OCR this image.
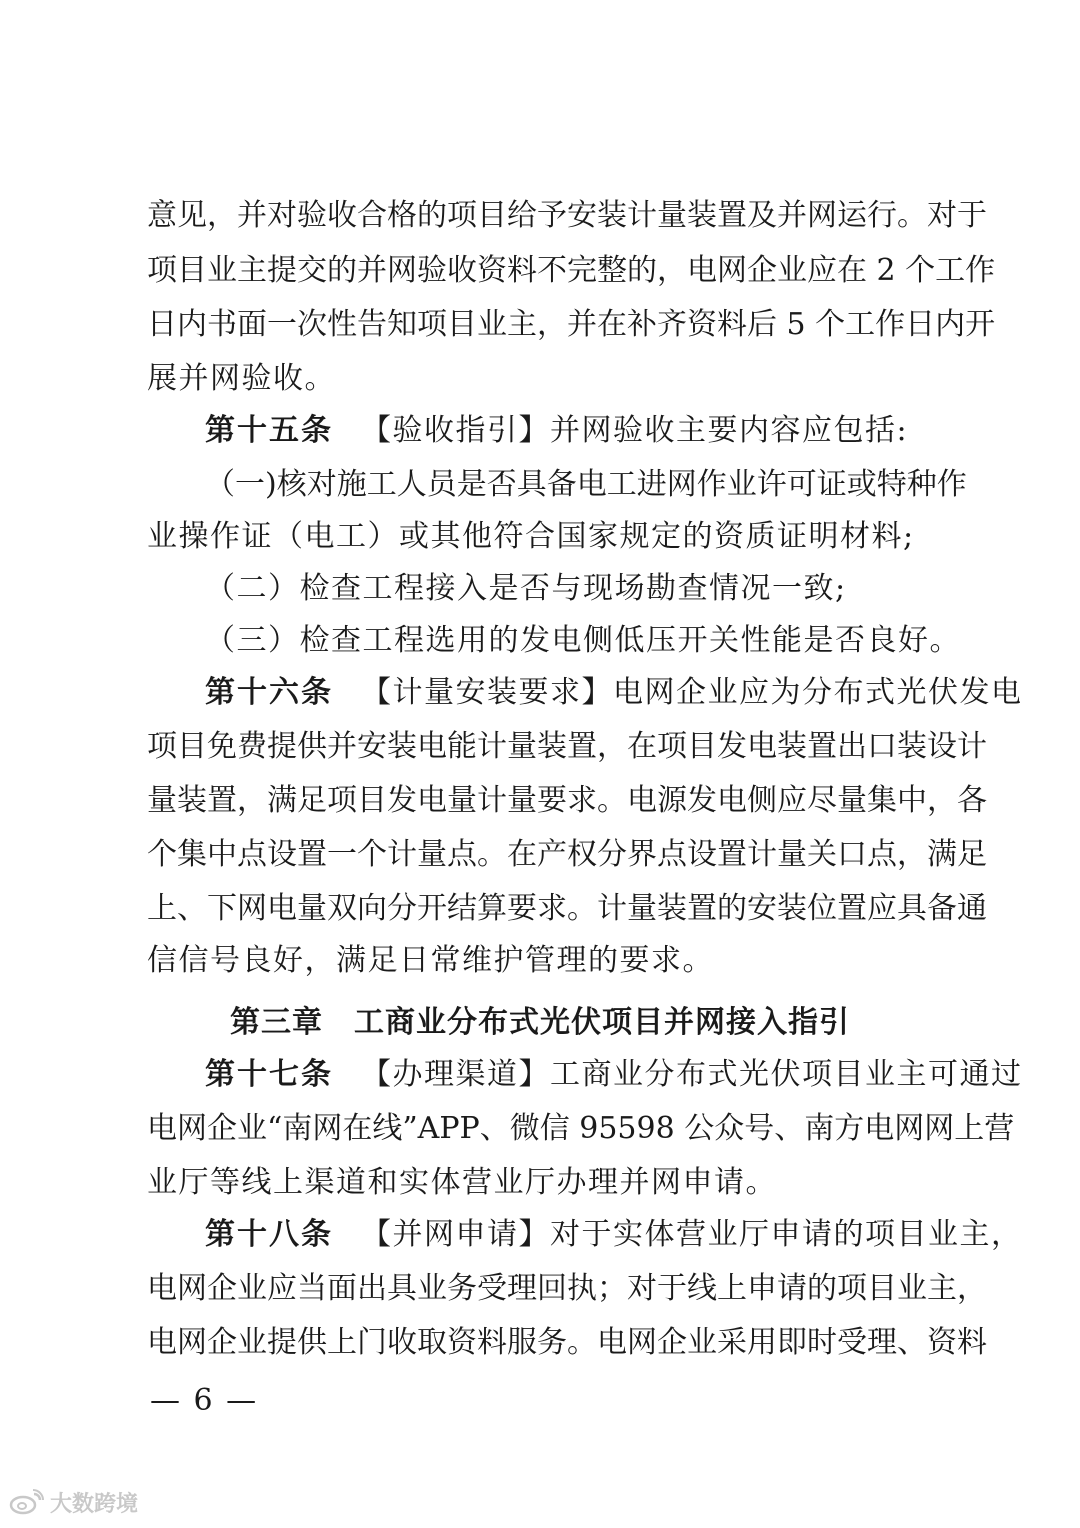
意见，并对验收合格的项目给予安装计量装置及并网运行。对于
项目业主提交的并网验收资料不完整的，电网企业应在 2 个工作
日内书面一次性告知项目业主，并在补齐资料后 5 个工作日内开
展并网验收。
第十五条 【验收指引】并网验收主要内容应包括:
（一)核对施工人员是否具备电工进网作业许可证或特种作
业操作证（电工）或其他符合国家规定的资质证明材料;
（二）检查工程接入是否与现场勘查情况一致;
（三）检查工程选用的发电侧低压开关性能是否良好。
第十六条 【计量安装要求】电网企业应为分布式光伏发电
项目免费提供并安装电能计量装置，在项目发电装置出口装设计
量装置，满足项目发电量计量要求。电源发电侧应尽量集中，各
个集中点设置一个计量点。在产权分界点设置计量关口点，满足
上、下网电量双向分开结算要求。计量装置的安装位置应具备通
信信号良好，满足日常维护管理的要求。
第三章　工商业分布式光伏项目并网接入指引
第十七条 【办理渠道】工商业分布式光伏项目业主可通过
电网企业“南网在线”APP、微信 95598 公众号、南方电网网上营
业厅等线上渠道和实体营业厅办理并网申请。
第十八条 【并网申请】对于实体营业厅申请的项目业主，
电网企业应当面出具业务受理回执；对于线上申请的项目业主，
电网企业提供上门收取资料服务。电网企业采用即时受理、资料
— 6 —
大数跨境
